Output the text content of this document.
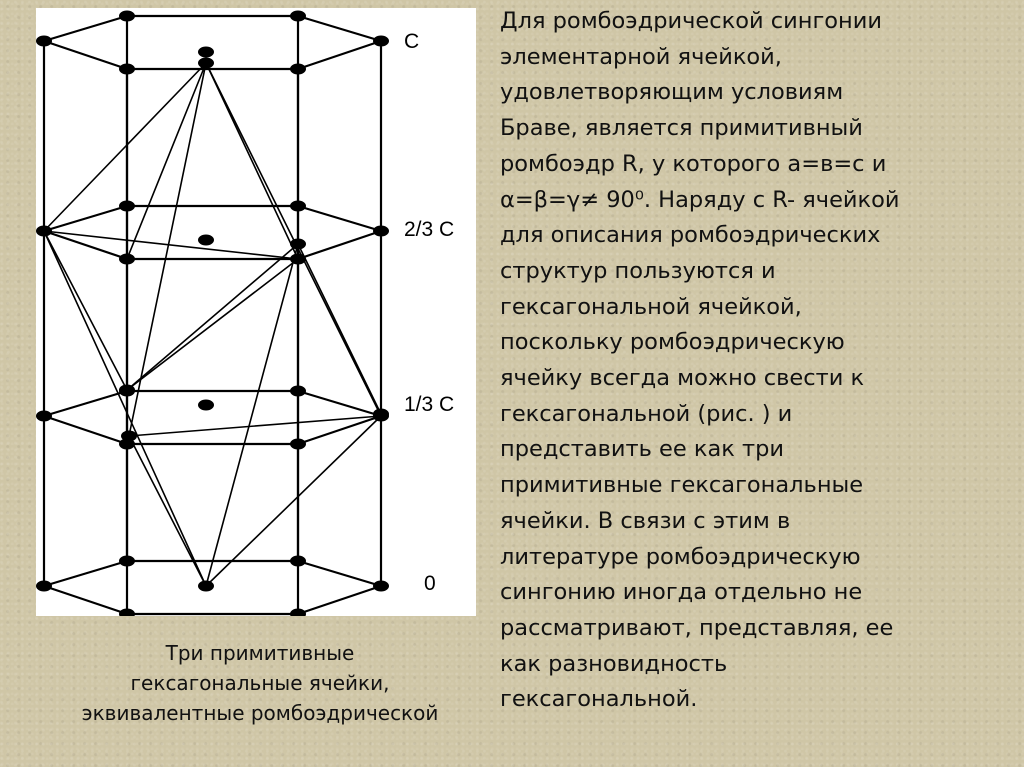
C
2/3 C
1/3 C
0
Три примитивные
гексагональные ячейки,
эквивалентные ромбоэдрической
Для ромбоэдрической сингонии
элементарной ячейкой,
удовлетворяющим условиям
Браве, является примитивный
ромбоэдр R, у которого а=в=с и
α=β=γ≠ 90⁰. Наряду с R- ячейкой
для описания ромбоэдрических
структур пользуются и
гексагональной ячейкой,
поскольку ромбоэдрическую
ячейку всегда можно свести к
гексагональной (рис. ) и
представить ее как три
примитивные гексагональные
ячейки. В связи с этим в
литературе ромбоэдрическую
сингонию иногда отдельно не
рассматривают, представляя, ее
как разновидность
гексагональной.
